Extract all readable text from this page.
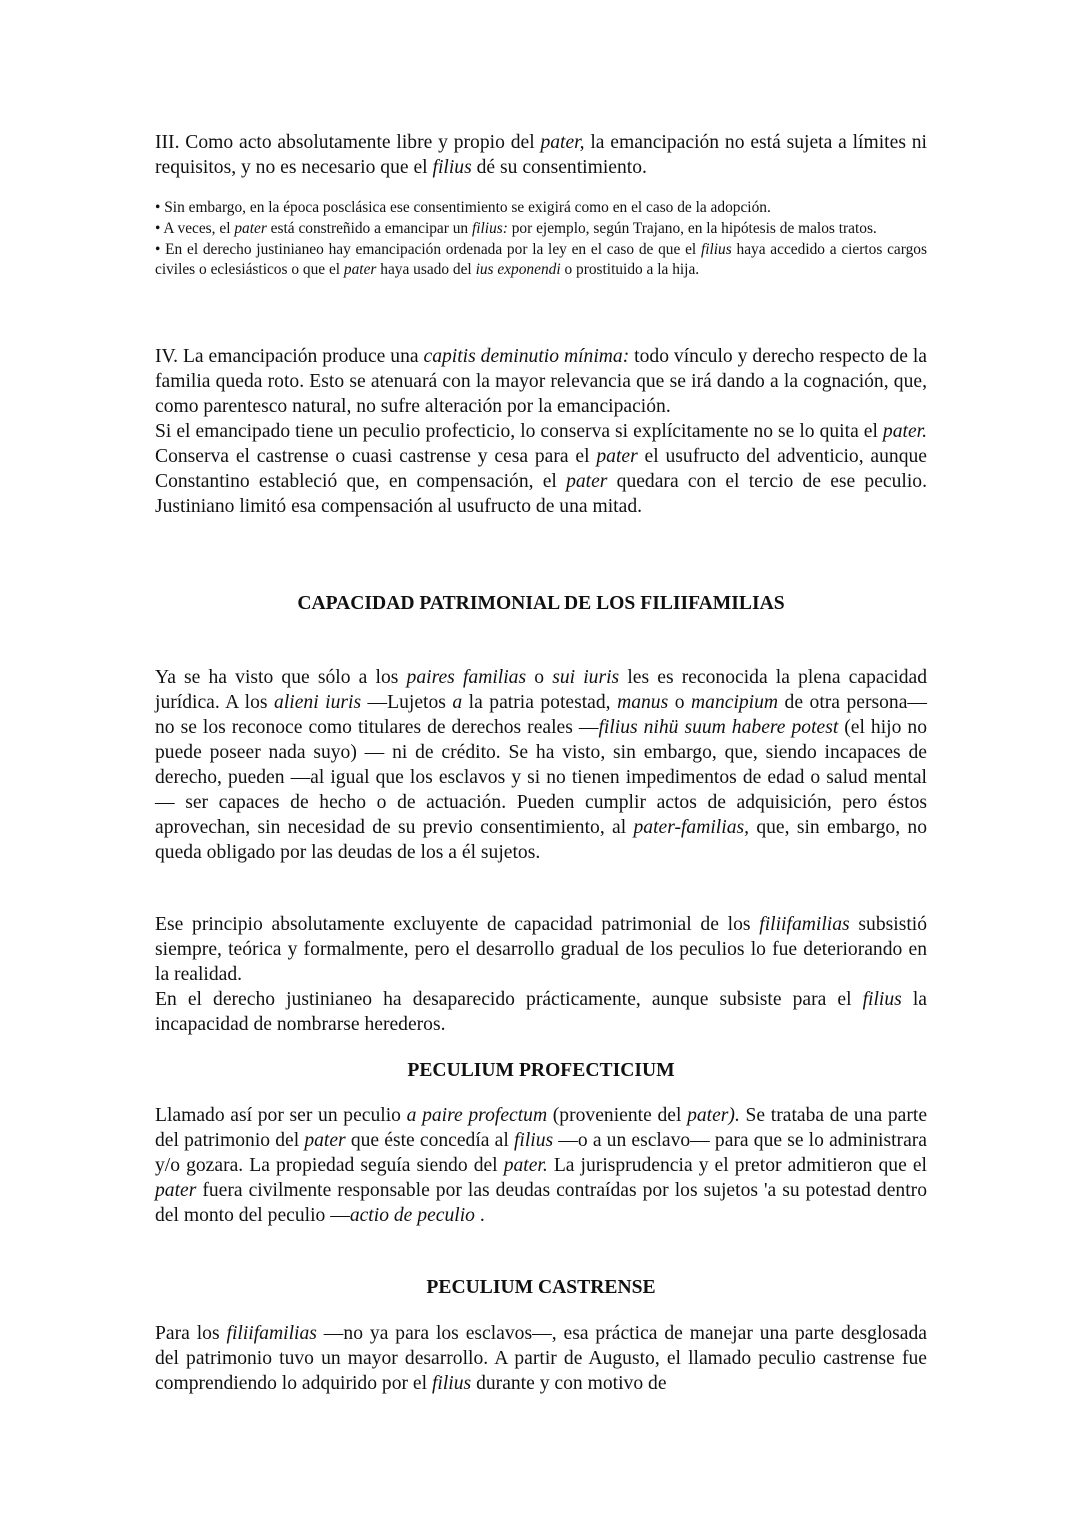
III. Como acto absolutamente libre y propio del pater, la emancipación no está sujeta a límites ni requisitos, y no es necesario que el filius dé su consentimiento.

• Sin embargo, en la época posclásica ese consentimiento se exigirá como en el caso de la adopción.

• A veces, el pater está constreñido a emancipar un filius: por ejemplo, según Trajano, en la hipótesis de malos tratos.

• En el derecho justinianeo hay emancipación ordenada por la ley en el caso de que el filius haya accedido a ciertos cargos civiles o eclesiásticos o que el pater haya usado del ius exponendi o prostituido a la hija.

IV. La emancipación produce una capitis deminutio mínima: todo vínculo y derecho respecto de la familia queda roto. Esto se atenuará con la mayor relevancia que se irá dando a la cognación, que, como parentesco natural, no sufre alteración por la emancipación.

Si el emancipado tiene un peculio profecticio, lo conserva si explícitamente no se lo quita el pater. Conserva el castrense o cuasi castrense y cesa para el pater el usufructo del adventicio, aunque Constantino estableció que, en compensación, el pater quedara con el tercio de ese peculio. Justiniano limitó esa compensación al usufructo de una mitad.

CAPACIDAD PATRIMONIAL DE LOS FILIIFAMILIAS

Ya se ha visto que sólo a los paires familias o sui iuris les es reconocida la plena capacidad jurídica. A los alieni iuris —Lujetos a la patria potestad, manus o mancipium de otra persona— no se los reconoce como titulares de derechos reales —filius nihü suum habere potest (el hijo no puede poseer nada suyo) — ni de crédito. Se ha visto, sin embargo, que, siendo incapaces de derecho, pueden —al igual que los esclavos y si no tienen impedimentos de edad o salud mental— ser capaces de hecho o de actuación. Pueden cumplir actos de adquisición, pero éstos aprovechan, sin necesidad de su previo consentimiento, al pater-familias, que, sin embargo, no queda obligado por las deudas de los a él sujetos.

Ese principio absolutamente excluyente de capacidad patrimonial de los filiifamilias subsistió siempre, teórica y formalmente, pero el desarrollo gradual de los peculios lo fue deteriorando en la realidad.

En el derecho justinianeo ha desaparecido prácticamente, aunque subsiste para el filius la incapacidad de nombrarse herederos.

PECULIUM PROFECTICIUM

Llamado así por ser un peculio a paire profectum (proveniente del pater). Se trataba de una parte del patrimonio del pater que éste concedía al filius —o a un esclavo— para que se lo administrara y/o gozara. La propiedad seguía siendo del pater. La jurisprudencia y el pretor admitieron que el pater fuera civilmente responsable por las deudas contraídas por los sujetos 'a su potestad dentro del monto del peculio —actio de peculio .

PECULIUM CASTRENSE

Para los filiifamilias —no ya para los esclavos—, esa práctica de manejar una parte desglosada del patrimonio tuvo un mayor desarrollo. A partir de Augusto, el llamado peculio castrense fue comprendiendo lo adquirido por el filius durante y con motivo de
